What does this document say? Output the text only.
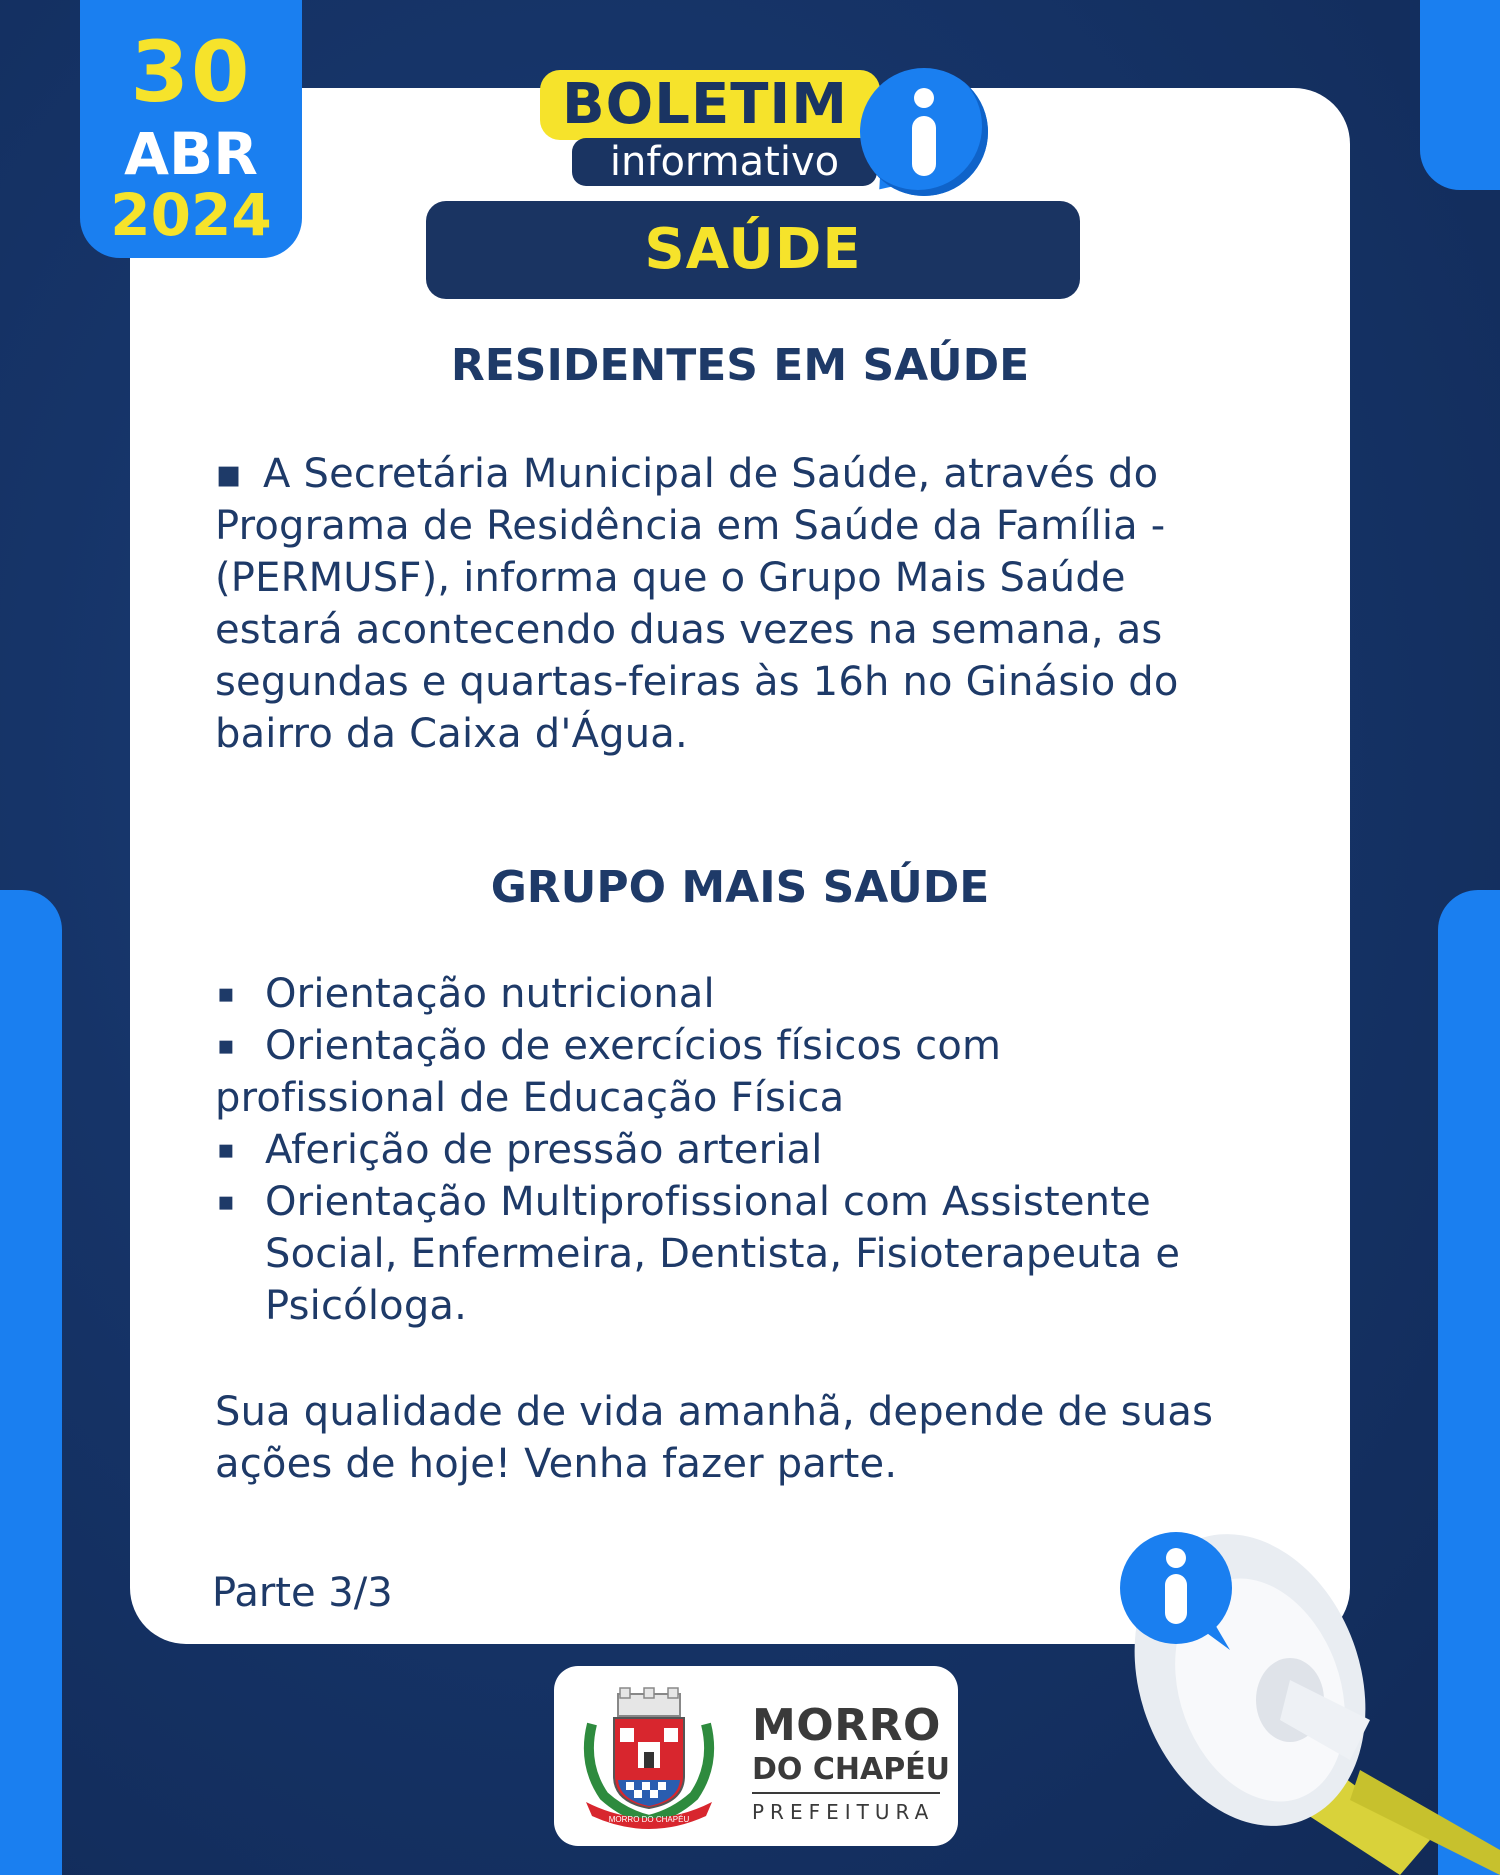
30
ABR
2024
BOLETIM
informativo
SAÚDE
RESIDENTES EM SAÚDE
▪ A Secretária Municipal de Saúde, através do Programa de Residência em Saúde da Família - (PERMUSF), informa que o Grupo Mais Saúde estará acontecendo duas vezes na semana, as segundas e quartas-feiras às 16h no Ginásio do bairro da Caixa d'Água.
GRUPO MAIS SAÚDE
▪ Orientação nutricional
▪ Orientação de exercícios físicos com
profissional de Educação Física
▪ Aferição de pressão arterial
▪ Orientação Multiprofissional com Assistente Social, Enfermeira, Dentista, Fisioterapeuta e Psicóloga.
Sua qualidade de vida amanhã, depende de suas ações de hoje! Venha fazer parte.
Parte 3/3
MORRO DO CHAPÉU
MORRO
DO CHAPÉU
PREFEITURA
